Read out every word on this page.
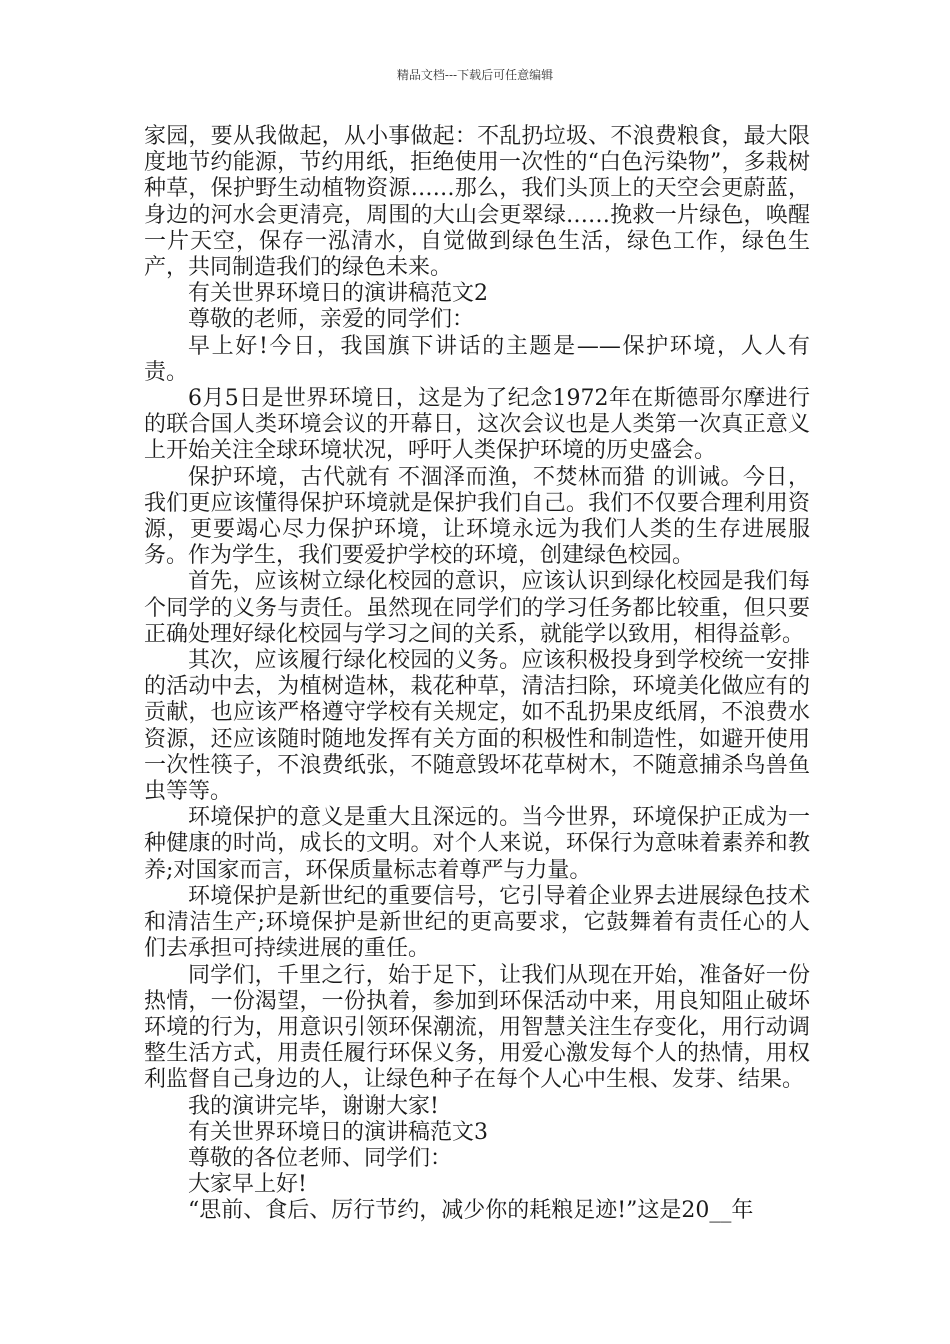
精品文档---下载后可任意编辑

家园，要从我做起，从小事做起：不乱扔垃圾、不浪费粮食，最大限度地节约能源，节约用纸，拒绝使用一次性的“白色污染物”，多栽树种草，保护野生动植物资源……那么，我们头顶上的天空会更蔚蓝，身边的河水会更清亮，周围的大山会更翠绿……挽救一片绿色，唤醒一片天空，保存一泓清水，自觉做到绿色生活，绿色工作，绿色生产，共同制造我们的绿色未来。

有关世界环境日的演讲稿范文2

尊敬的老师，亲爱的同学们：

早上好!今日，我国旗下讲话的主题是——保护环境，人人有责。

6月5日是世界环境日，这是为了纪念1972年在斯德哥尔摩进行的联合国人类环境会议的开幕日，这次会议也是人类第一次真正意义上开始关注全球环境状况，呼吁人类保护环境的历史盛会。

保护环境，古代就有 不涸泽而渔，不焚林而猎 的训诫。今日，我们更应该懂得保护环境就是保护我们自己。我们不仅要合理利用资源，更要竭心尽力保护环境，让环境永远为我们人类的生存进展服务。作为学生，我们要爱护学校的环境，创建绿色校园。

首先，应该树立绿化校园的意识，应该认识到绿化校园是我们每个同学的义务与责任。虽然现在同学们的学习任务都比较重，但只要正确处理好绿化校园与学习之间的关系，就能学以致用，相得益彰。

其次，应该履行绿化校园的义务。应该积极投身到学校统一安排的活动中去，为植树造林，栽花种草，清洁扫除，环境美化做应有的贡献，也应该严格遵守学校有关规定，如不乱扔果皮纸屑，不浪费水资源，还应该随时随地发挥有关方面的积极性和制造性，如避开使用一次性筷子，不浪费纸张，不随意毁坏花草树木，不随意捕杀鸟兽鱼虫等等。

环境保护的意义是重大且深远的。当今世界，环境保护正成为一种健康的时尚，成长的文明。对个人来说，环保行为意味着素养和教养;对国家而言，环保质量标志着尊严与力量。

环境保护是新世纪的重要信号，它引导着企业界去进展绿色技术和清洁生产;环境保护是新世纪的更高要求，它鼓舞着有责任心的人们去承担可持续进展的重任。

同学们，千里之行，始于足下，让我们从现在开始，准备好一份热情，一份渴望，一份执着，参加到环保活动中来，用良知阻止破坏环境的行为，用意识引领环保潮流，用智慧关注生存变化，用行动调整生活方式，用责任履行环保义务，用爱心激发每个人的热情，用权利监督自己身边的人，让绿色种子在每个人心中生根、发芽、结果。

我的演讲完毕，谢谢大家!

有关世界环境日的演讲稿范文3

尊敬的各位老师、同学们：

大家早上好!

“思前、食后、厉行节约，减少你的耗粮足迹!”这是20__年
